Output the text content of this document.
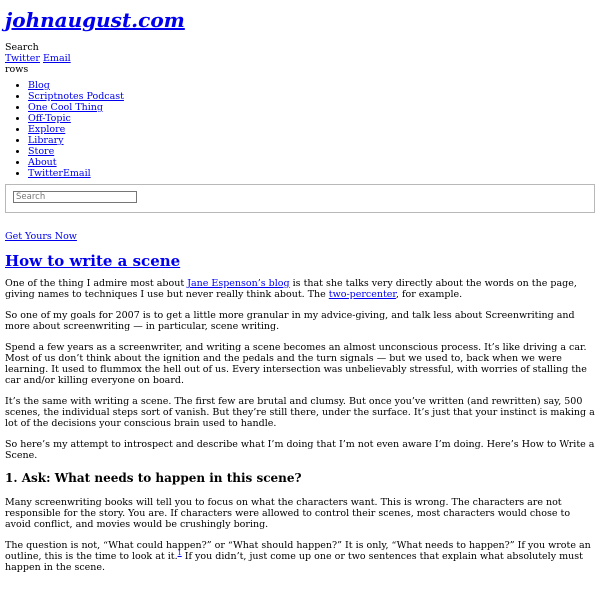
johnaugust.com
Search
Twitter Email
rows
• Blog
• Scriptnotes Podcast
• One Cool Thing
• Off-Topic
• Explore
• Library
• Store
• About
• TwitterEmail
Search
Get Yours Now
How to write a scene

One of the thing I admire most about Jane Espenson’s blog is that she talks very directly about the words on the page, giving names to techniques I use but never really think about. The two-percenter, for example.

So one of my goals for 2007 is to get a little more granular in my advice-giving, and talk less about Screenwriting and more about screenwriting — in particular, scene writing.

Spend a few years as a screenwriter, and writing a scene becomes an almost unconscious process. It’s like driving a car. Most of us don’t think about the ignition and the pedals and the turn signals — but we used to, back when we were learning. It used to flummox the hell out of us. Every intersection was unbelievably stressful, with worries of stalling the car and/or killing everyone on board.

It’s the same with writing a scene. The first few are brutal and clumsy. But once you’ve written (and rewritten) say, 500 scenes, the individual steps sort of vanish. But they’re still there, under the surface. It’s just that your instinct is making a lot of the decisions your conscious brain used to handle.

So here’s my attempt to introspect and describe what I’m doing that I’m not even aware I’m doing. Here’s How to Write a Scene.

1. Ask: What needs to happen in this scene?

Many screenwriting books will tell you to focus on what the characters want. This is wrong. The characters are not responsible for the story. You are. If characters were allowed to control their scenes, most characters would chose to avoid conflict, and movies would be crushingly boring.

The question is not, “What could happen?” or “What should happen?” It is only, “What needs to happen?” If you wrote an outline, this is the time to look at it.$^1$ If you didn’t, just come up one or two sentences that explain what absolutely must happen in the scene.
